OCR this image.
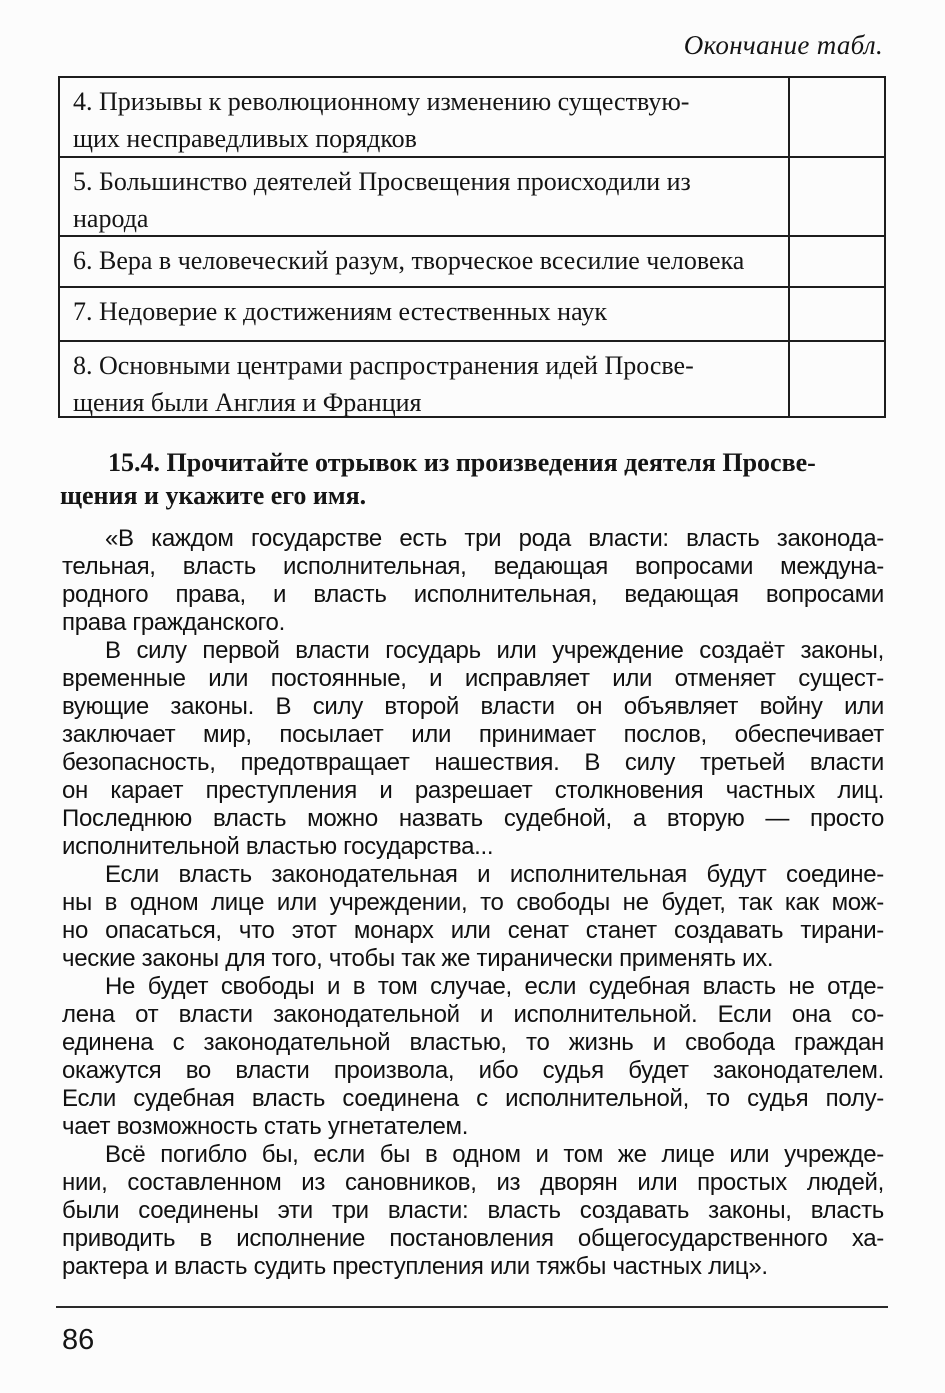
Окончание табл.
4. Призывы к революционному изменению существую-
щих несправедливых порядков
5. Большинство деятелей Просвещения происходили из
народа
6. Вера в человеческий разум, творческое всесилие человека
7. Недоверие к достижениям естественных наук
8. Основными центрами распространения идей Просве-
щения были Англия и Франция
15.4. Прочитайте отрывок из произведения деятеля Просве-
щения и укажите его имя.
«В каждом государстве есть три рода власти: власть законода-
тельная, власть исполнительная, ведающая вопросами междуна-
родного права, и власть исполнительная, ведающая вопросами
права гражданского.
В силу первой власти государь или учреждение создаёт законы,
временные или постоянные, и исправляет или отменяет сущест-
вующие законы. В силу второй власти он объявляет войну или
заключает мир, посылает или принимает послов, обеспечивает
безопасность, предотвращает нашествия. В силу третьей власти
он карает преступления и разрешает столкновения частных лиц.
Последнюю власть можно назвать судебной, а вторую — просто
исполнительной властью государства...
Если власть законодательная и исполнительная будут соедине-
ны в одном лице или учреждении, то свободы не будет, так как мож-
но опасаться, что этот монарх или сенат станет создавать тирани-
ческие законы для того, чтобы так же тиранически применять их.
Не будет свободы и в том случае, если судебная власть не отде-
лена от власти законодательной и исполнительной. Если она со-
единена с законодательной властью, то жизнь и свобода граждан
окажутся во власти произвола, ибо судья будет законодателем.
Если судебная власть соединена с исполнительной, то судья полу-
чает возможность стать угнетателем.
Всё погибло бы, если бы в одном и том же лице или учрежде-
нии, составленном из сановников, из дворян или простых людей,
были соединены эти три власти: власть создавать законы, власть
приводить в исполнение постановления общегосударственного ха-
рактера и власть судить преступления или тяжбы частных лиц».
86
